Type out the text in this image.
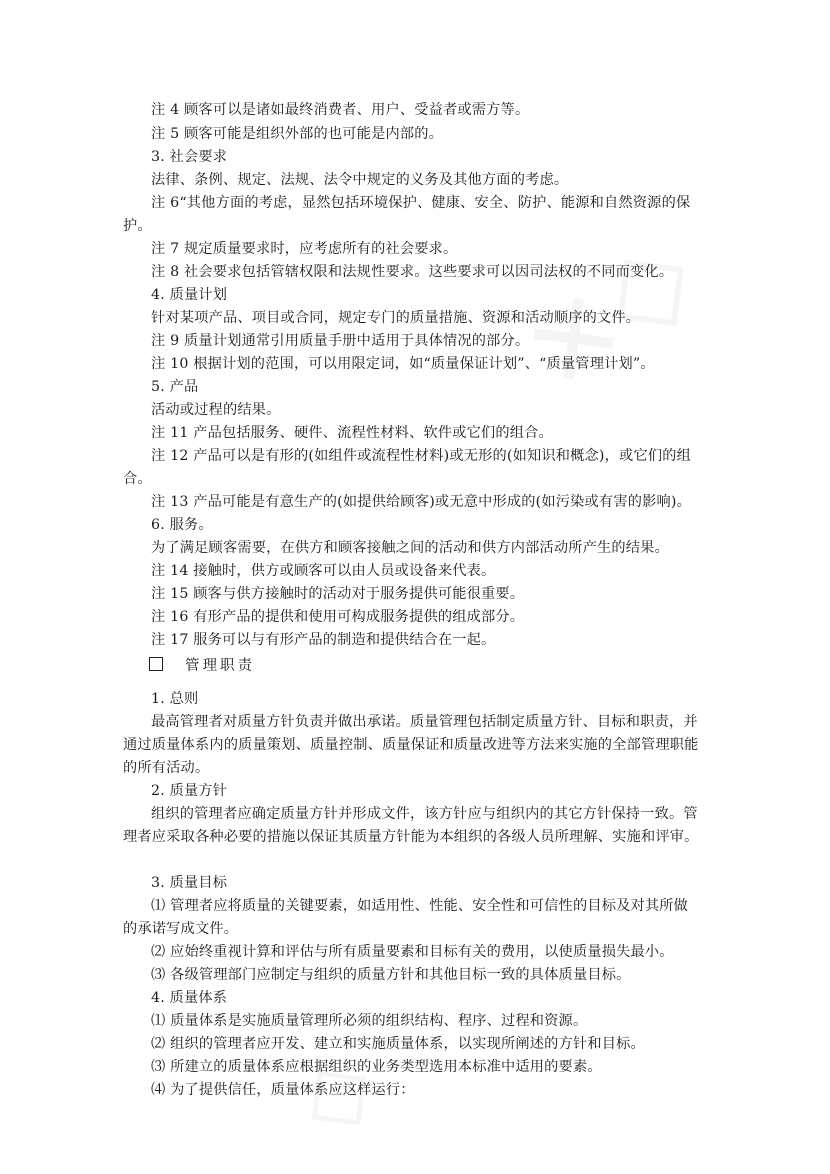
注 4 顾客可以是诸如最终消费者、用户、受益者或需方等。
注 5 顾客可能是组织外部的也可能是内部的。
3. 社会要求
法律、条例、规定、法规、法令中规定的义务及其他方面的考虑。
注 6“其他方面的考虑，显然包括环境保护、健康、安全、防护、能源和自然资源的保
护。
注 7 规定质量要求时，应考虑所有的社会要求。
注 8 社会要求包括管辖权限和法规性要求。这些要求可以因司法权的不同而变化。
4. 质量计划
针对某项产品、项目或合同，规定专门的质量措施、资源和活动顺序的文件。
注 9 质量计划通常引用质量手册中适用于具体情况的部分。
注 10 根据计划的范围，可以用限定词，如“质量保证计划”、“质量管理计划”。
5. 产品
活动或过程的结果。
注 11 产品包括服务、硬件、流程性材料、软件或它们的组合。
注 12 产品可以是有形的(如组件或流程性材料)或无形的(如知识和概念)，或它们的组
合。
注 13 产品可能是有意生产的(如提供给顾客)或无意中形成的(如污染或有害的影响)。
6. 服务。
为了满足顾客需要，在供方和顾客接触之间的活动和供方内部活动所产生的结果。
注 14 接触时，供方或顾客可以由人员或设备来代表。
注 15 顾客与供方接触时的活动对于服务提供可能很重要。
注 16 有形产品的提供和使用可构成服务提供的组成部分。
注 17 服务可以与有形产品的制造和提供结合在一起。
管理职责
1. 总则
最高管理者对质量方针负责并做出承诺。质量管理包括制定质量方针、目标和职责，并
通过质量体系内的质量策划、质量控制、质量保证和质量改进等方法来实施的全部管理职能
的所有活动。
2. 质量方针
组织的管理者应确定质量方针并形成文件，该方针应与组织内的其它方针保持一致。管
理者应采取各种必要的措施以保证其质量方针能为本组织的各级人员所理解、实施和评审。
3. 质量目标
⑴ 管理者应将质量的关键要素，如适用性、性能、安全性和可信性的目标及对其所做
的承诺写成文件。
⑵ 应始终重视计算和评估与所有质量要素和目标有关的费用，以使质量损失最小。
⑶ 各级管理部门应制定与组织的质量方针和其他目标一致的具体质量目标。
4. 质量体系
⑴ 质量体系是实施质量管理所必须的组织结构、程序、过程和资源。
⑵ 组织的管理者应开发、建立和实施质量体系，以实现所阐述的方针和目标。
⑶ 所建立的质量体系应根据组织的业务类型选用本标准中适用的要素。
⑷ 为了提供信任，质量体系应这样运行：
